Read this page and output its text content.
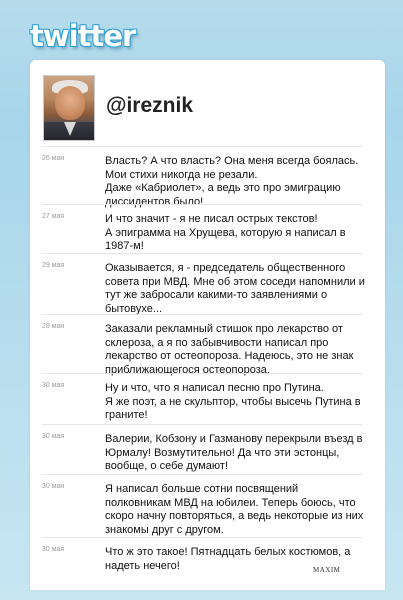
twitter
@ireznik
26 мая	Власть? А что власть? Она меня всегда боялась.
Мои стихи никогда не резали.
Даже «Кабриолет», а ведь это про эмиграцию диссидентов было!
27 мая	И что значит - я не писал острых текстов!
А эпиграмма на Хрущева, которую я написал в 1987-м!
29 мая	Оказывается, я - председатель общественного совета при МВД. Мне об этом соседи напомнили и тут же забросали какими-то заявлениями о бытовухе...
28 мая	Заказали рекламный стишок про лекарство от склероза, а я по забывчивости написал про лекарство от остеопороза. Надеюсь, это не знак приближающегося остеопороза.
30 мая	Ну и что, что я написал песню про Путина.
Я же поэт, а не скульптор, чтобы высечь Путина в граните!
30 мая	Валерии, Кобзону и Газманову перекрыли въезд в Юрмалу! Возмутительно! Да что эти эстонцы, вообще, о себе думают!
30 мая	Я написал больше сотни посвящений полковникам МВД на юбилеи. Теперь боюсь, что скоро начну повторяться, а ведь некоторые из них знакомы друг с другом.
30 мая	Что ж это такое! Пятнадцать белых костюмов, а надеть нечего!	MAXIM
